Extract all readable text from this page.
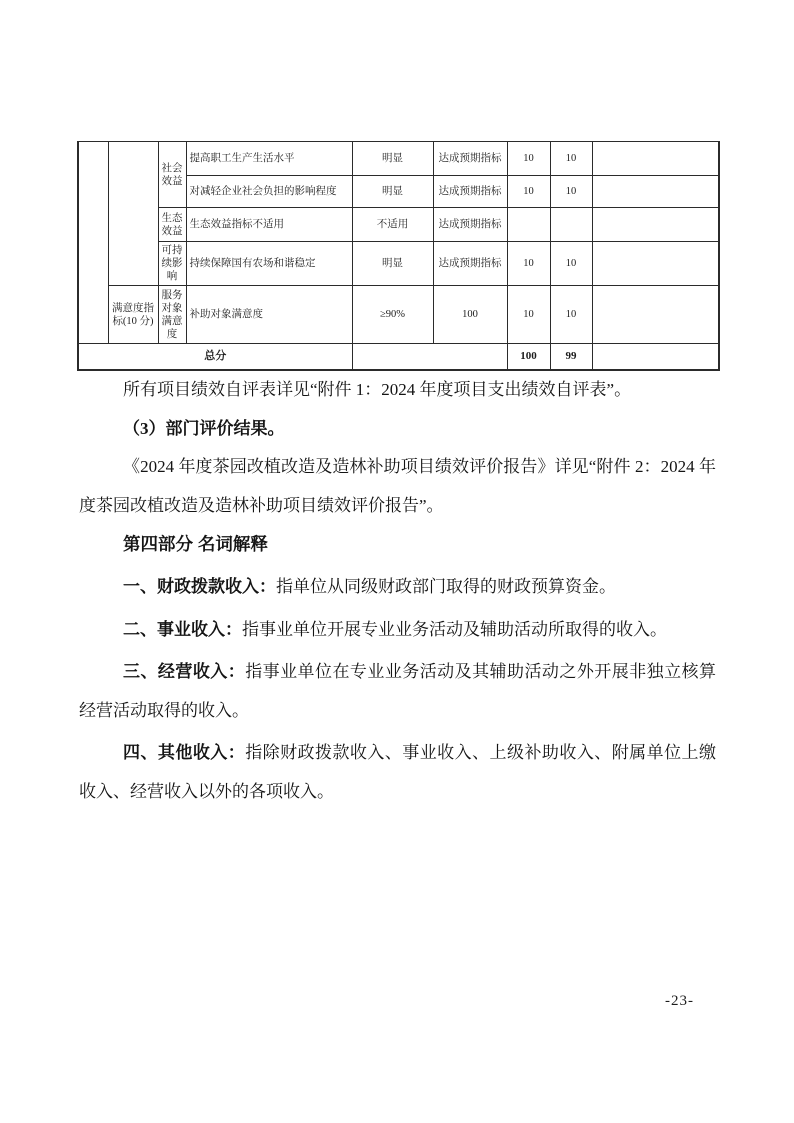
		社会效益	提高职工生产生活水平	明显	达成预期指标	10	10	
			对减轻企业社会负担的影响程度	明显	达成预期指标	10	10	
		生态效益	生态效益指标不适用	不适用	达成预期指标			
		可持续影响	持续保障国有农场和谐稳定	明显	达成预期指标	10	10	
	满意度指标(10 分)	服务对象满意度	补助对象满意度	≥90%	100	10	10	
总分						100	99	

所有项目绩效自评表详见“附件 1：2024 年度项目支出绩效自评表”。

（3）部门评价结果。

《2024 年度茶园改植改造及造林补助项目绩效评价报告》详见“附件 2：2024 年度茶园改植改造及造林补助项目绩效评价报告”。

第四部分 名词解释

一、财政拨款收入：指单位从同级财政部门取得的财政预算资金。

二、事业收入：指事业单位开展专业业务活动及辅助活动所取得的收入。

三、经营收入：指事业单位在专业业务活动及其辅助活动之外开展非独立核算经营活动取得的收入。

四、其他收入：指除财政拨款收入、事业收入、上级补助收入、附属单位上缴收入、经营收入以外的各项收入。

-23-
